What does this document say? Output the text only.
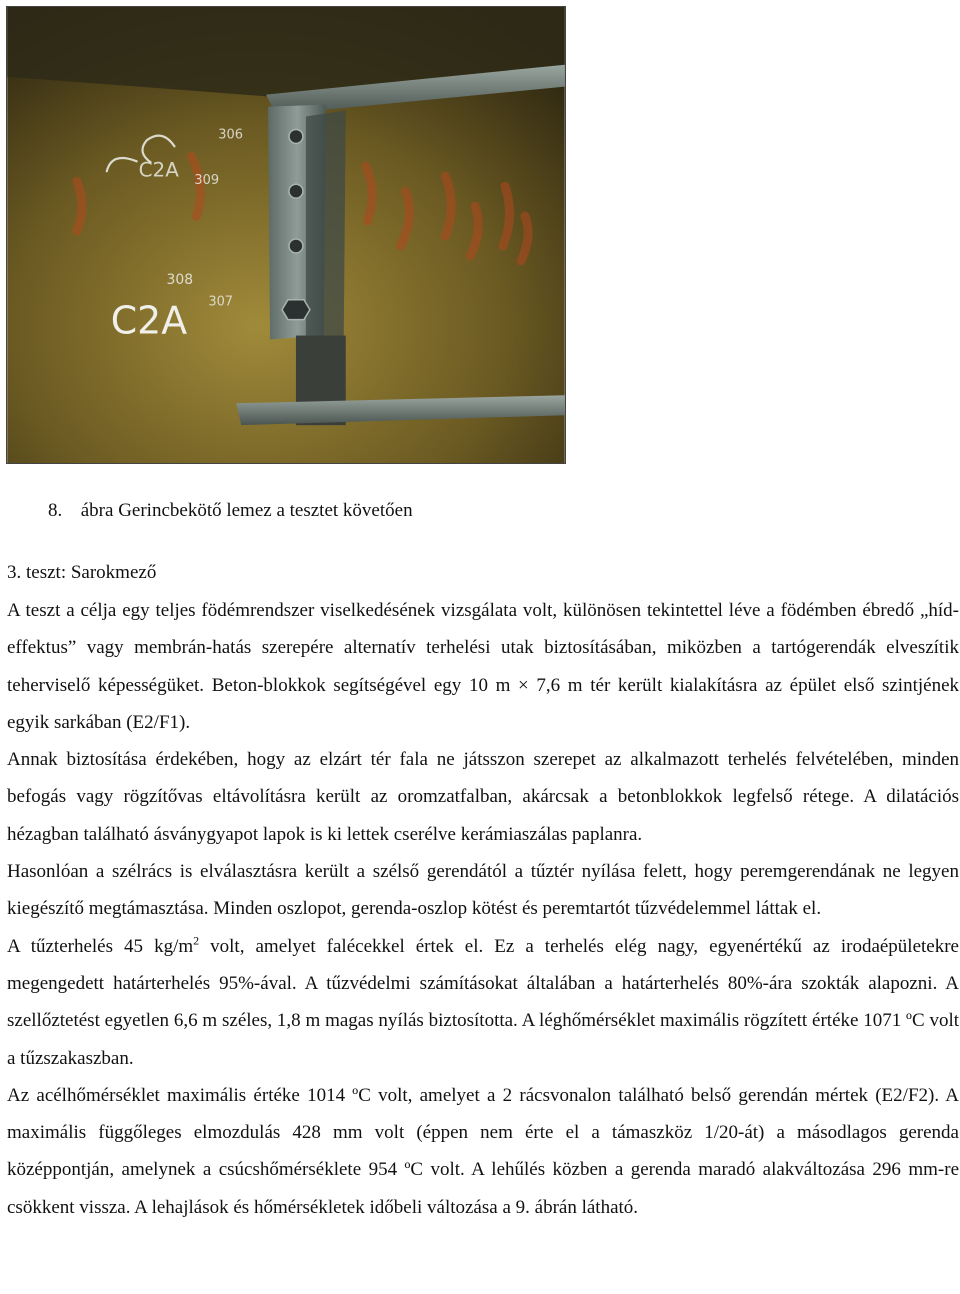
C2A
306
309
C2A
308
307
8. ábra Gerincbekötő lemez a tesztet követően
3. teszt: Sarokmező

A teszt a célja egy teljes födémrendszer viselkedésének vizsgálata volt, különösen tekintettel léve a födémben ébredő „híd-effektus” vagy membrán-hatás szerepére alternatív terhelési utak biztosításában, miközben a tartógerendák elveszítik teherviselő képességüket. Beton-blokkok segítségével egy 10 m × 7,6 m tér került kialakításra az épület első szintjének egyik sarkában (E2/F1).

Annak biztosítása érdekében, hogy az elzárt tér fala ne játsszon szerepet az alkalmazott terhelés felvételében, minden befogás vagy rögzítővas eltávolításra került az oromzatfalban, akárcsak a betonblokkok legfelső rétege. A dilatációs hézagban található ásványgyapot lapok is ki lettek cserélve kerámiaszálas paplanra.

Hasonlóan a szélrács is elválasztásra került a szélső gerendától a tűztér nyílása felett, hogy peremgerendának ne legyen kiegészítő megtámasztása. Minden oszlopot, gerenda-oszlop kötést és peremtartót tűzvédelemmel láttak el.

A tűzterhelés 45 $kg/m^2$ volt, amelyet falécekkel értek el. Ez a terhelés elég nagy, egyenértékű az irodaépületekre megengedett határterhelés 95%-ával. A tűzvédelmi számításokat általában a határterhelés 80%-ára szokták alapozni. A szellőztetést egyetlen 6,6 m széles, 1,8 m magas nyílás biztosította. A léghőmérséklet maximális rögzített értéke 1071 ºC volt a tűzszakaszban.

Az acélhőmérséklet maximális értéke 1014 ºC volt, amelyet a 2 rácsvonalon található belső gerendán mértek (E2/F2). A maximális függőleges elmozdulás 428 mm volt (éppen nem érte el a támaszköz 1/20-át) a másodlagos gerenda középpontján, amelynek a csúcshőmérséklete 954 ºC volt. A lehűlés közben a gerenda maradó alakváltozása 296 mm-re csökkent vissza. A lehajlások és hőmérsékletek időbeli változása a 9. ábrán látható.
